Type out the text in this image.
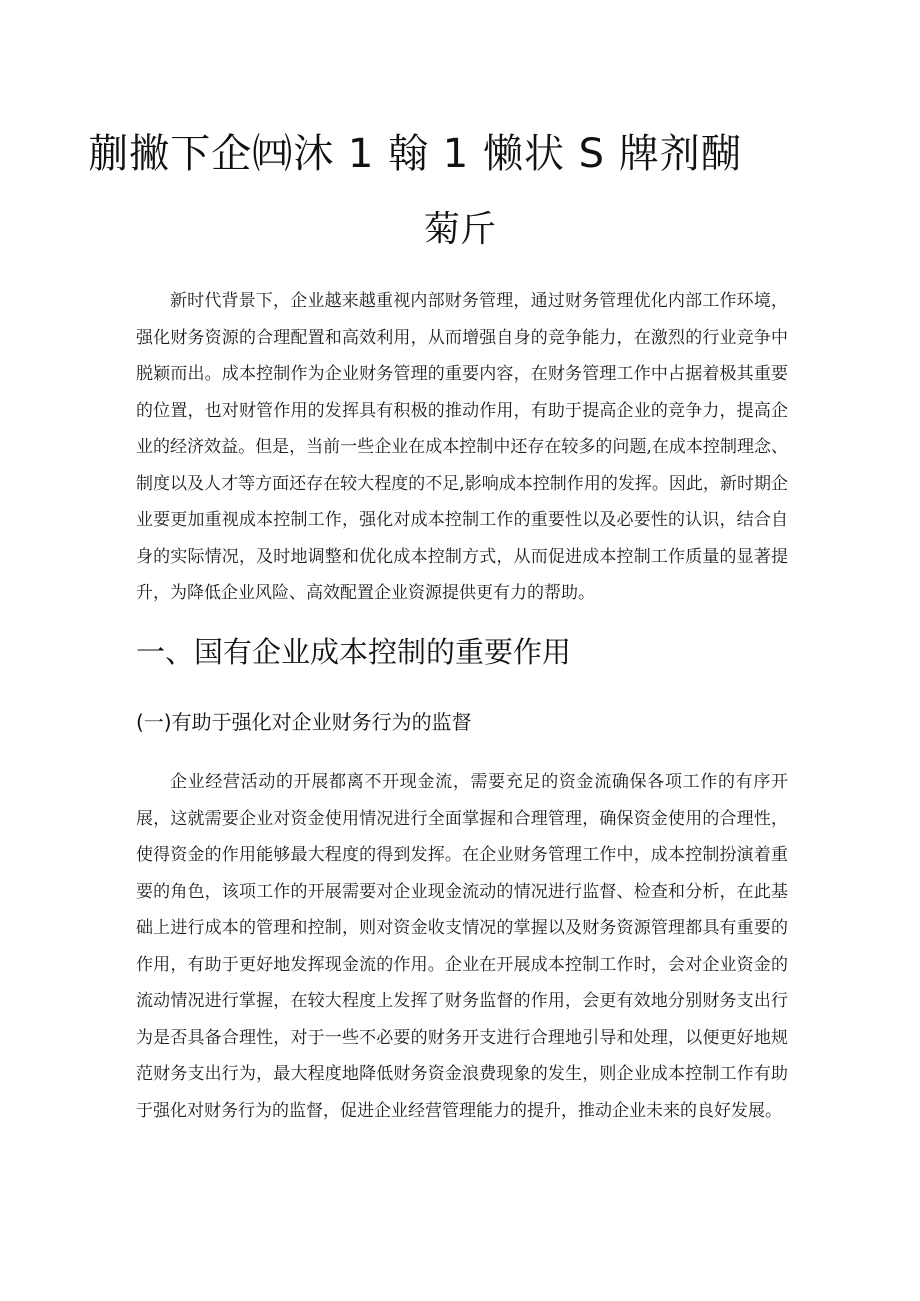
蒯撇下企㈣沐 1 翰 1 懒状 S 牌剂醐
菊斤

新时代背景下，企业越来越重视内部财务管理，通过财务管理优化内部工作环境，强化财务资源的合理配置和高效利用，从而增强自身的竞争能力，在激烈的行业竞争中脱颖而出。成本控制作为企业财务管理的重要内容，在财务管理工作中占据着极其重要的位置，也对财管作用的发挥具有积极的推动作用，有助于提高企业的竞争力，提高企业的经济效益。但是，当前一些企业在成本控制中还存在较多的问题,在成本控制理念、制度以及人才等方面还存在较大程度的不足,影响成本控制作用的发挥。因此，新时期企业要更加重视成本控制工作，强化对成本控制工作的重要性以及必要性的认识，结合自身的实际情况，及时地调整和优化成本控制方式，从而促进成本控制工作质量的显著提升，为降低企业风险、高效配置企业资源提供更有力的帮助。

一、国有企业成本控制的重要作用
(一)有助于强化对企业财务行为的监督

企业经营活动的开展都离不开现金流，需要充足的资金流确保各项工作的有序开展，这就需要企业对资金使用情况进行全面掌握和合理管理，确保资金使用的合理性，使得资金的作用能够最大程度的得到发挥。在企业财务管理工作中，成本控制扮演着重要的角色，该项工作的开展需要对企业现金流动的情况进行监督、检查和分析，在此基础上进行成本的管理和控制，则对资金收支情况的掌握以及财务资源管理都具有重要的作用，有助于更好地发挥现金流的作用。企业在开展成本控制工作时，会对企业资金的流动情况进行掌握，在较大程度上发挥了财务监督的作用，会更有效地分别财务支出行为是否具备合理性，对于一些不必要的财务开支进行合理地引导和处理，以便更好地规范财务支出行为，最大程度地降低财务资金浪费现象的发生，则企业成本控制工作有助于强化对财务行为的监督，促进企业经营管理能力的提升，推动企业未来的良好发展。
